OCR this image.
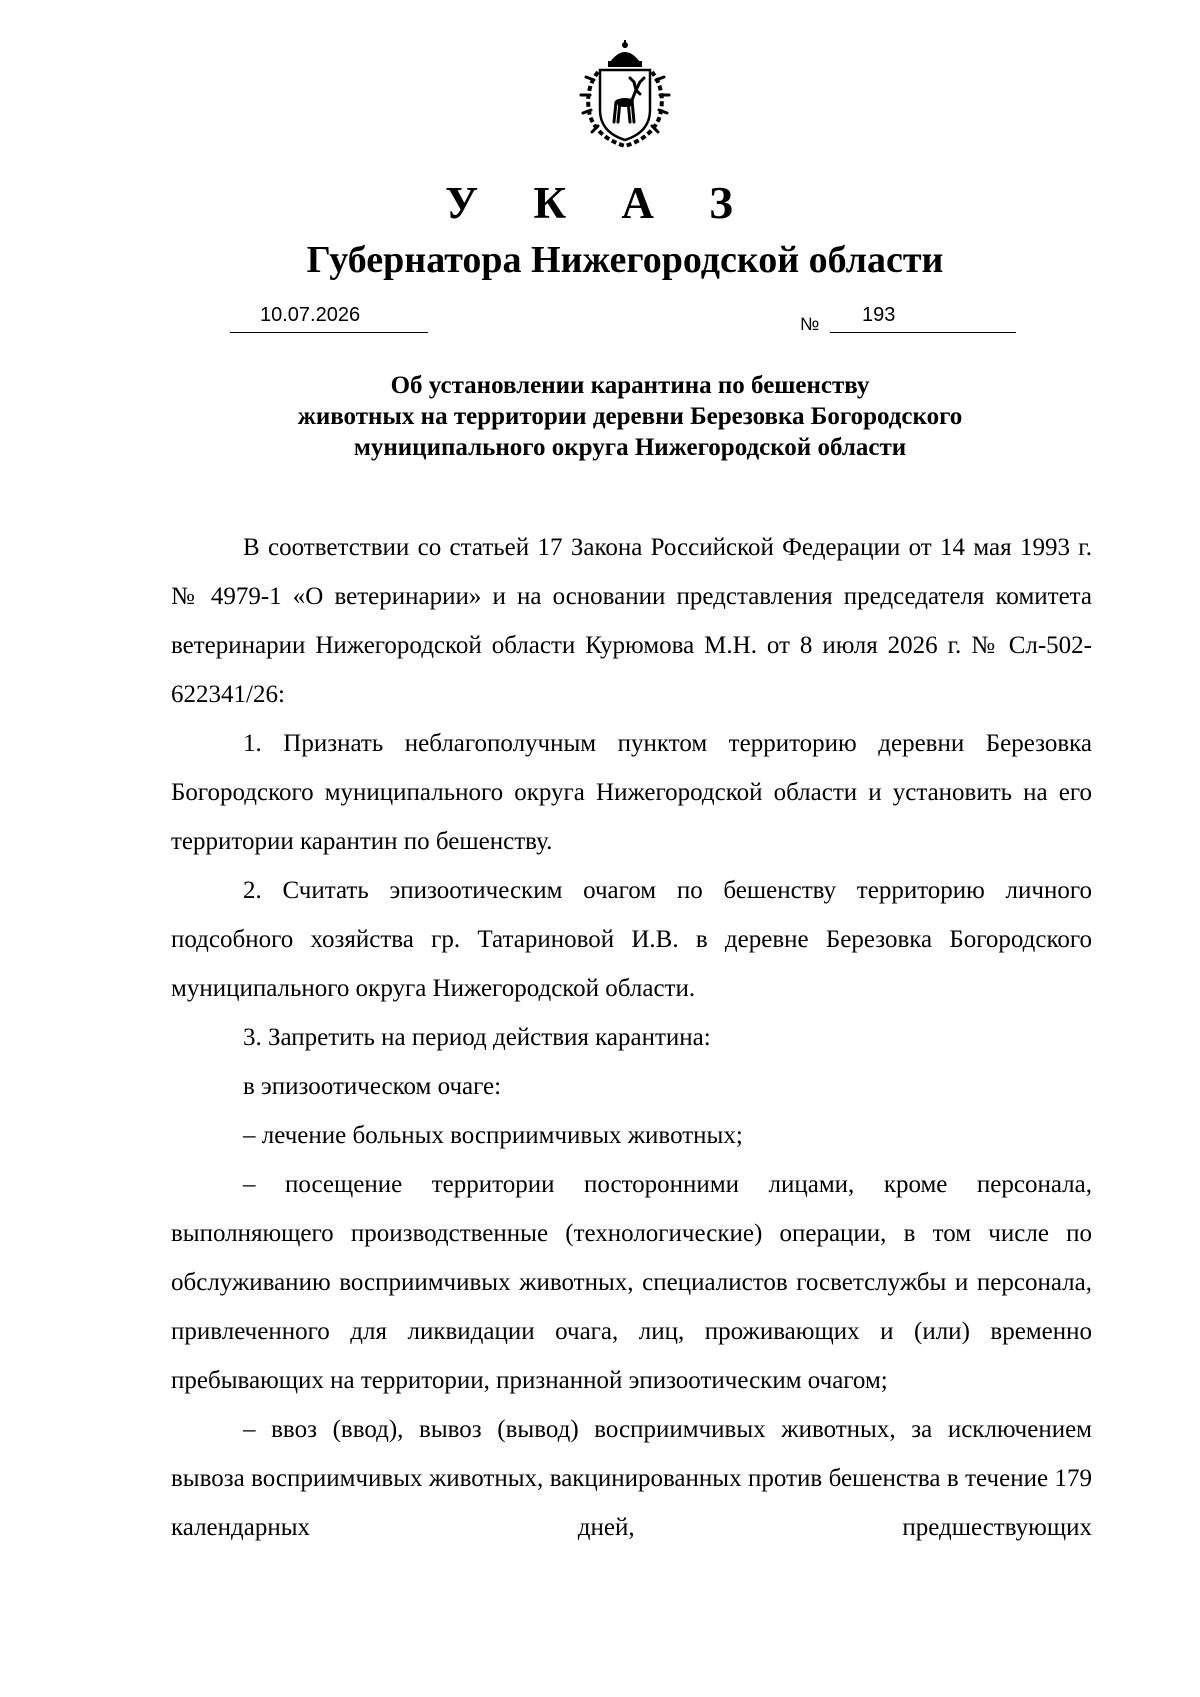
У К А З
Губернатора Нижегородской области
10.07.2026	№ 193
Об установлении карантина по бешенству
животных на территории деревни Березовка Богородского
муниципального округа Нижегородской области

В соответствии со статьей 17 Закона Российской Федерации от 14 мая 1993 г. № 4979-1 «О ветеринарии» и на основании представления председателя комитета ветеринарии Нижегородской области Курюмова М.Н. от 8 июля 2026 г. № Сл-502-622341/26:

1. Признать неблагополучным пунктом территорию деревни Березовка Богородского муниципального округа Нижегородской области и установить на его территории карантин по бешенству.

2. Считать эпизоотическим очагом по бешенству территорию личного подсобного хозяйства гр. Татариновой И.В. в деревне Березовка Богородского муниципального округа Нижегородской области.

3. Запретить на период действия карантина:

в эпизоотическом очаге:

– лечение больных восприимчивых животных;

– посещение территории посторонними лицами, кроме персонала, выполняющего производственные (технологические) операции, в том числе по обслуживанию восприимчивых животных, специалистов госветслужбы и персонала, привлеченного для ликвидации очага, лиц, проживающих и (или) временно пребывающих на территории, признанной эпизоотическим очагом;

– ввоз (ввод), вывоз (вывод) восприимчивых животных, за исключением вывоза восприимчивых животных, вакцинированных против бешенства в течение 179 календарных дней, предшествующих
